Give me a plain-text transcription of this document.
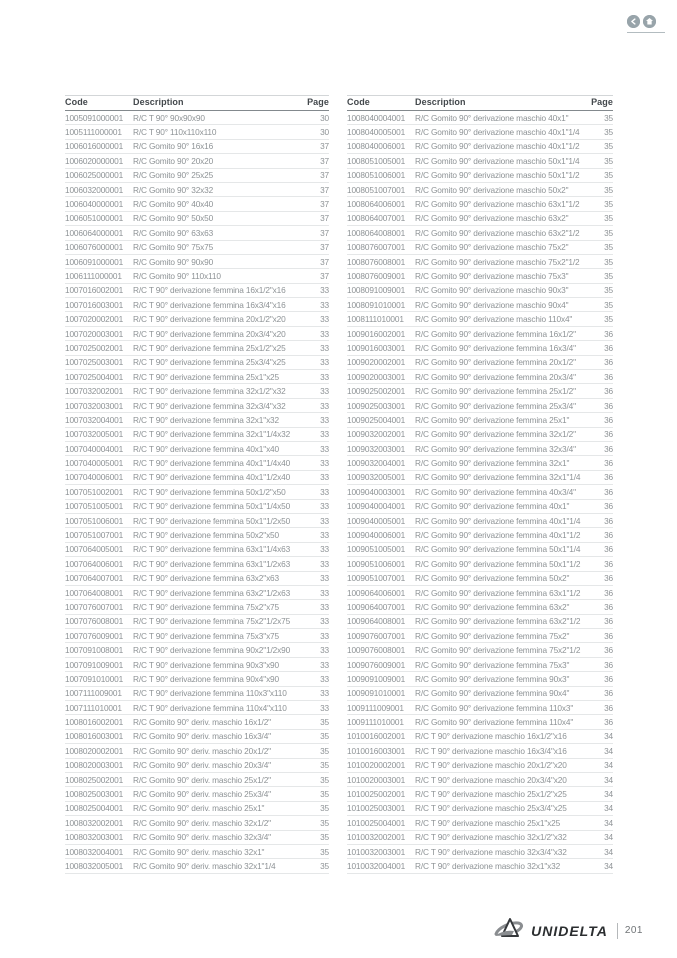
Code	Description	Page
1005091000001	R/C T 90° 90x90x90	30
1005111000001	R/C T 90° 110x110x110	30
1006016000001	R/C Gomito 90° 16x16	37
1006020000001	R/C Gomito 90° 20x20	37
1006025000001	R/C Gomito 90° 25x25	37
1006032000001	R/C Gomito 90° 32x32	37
1006040000001	R/C Gomito 90° 40x40	37
1006051000001	R/C Gomito 90° 50x50	37
1006064000001	R/C Gomito 90° 63x63	37
1006076000001	R/C Gomito 90° 75x75	37
1006091000001	R/C Gomito 90° 90x90	37
1006111000001	R/C Gomito 90° 110x110	37
1007016002001	R/C T 90° derivazione femmina 16x1/2"x16	33
1007016003001	R/C T 90° derivazione femmina 16x3/4"x16	33
1007020002001	R/C T 90° derivazione femmina 20x1/2"x20	33
1007020003001	R/C T 90° derivazione femmina 20x3/4"x20	33
1007025002001	R/C T 90° derivazione femmina 25x1/2"x25	33
1007025003001	R/C T 90° derivazione femmina 25x3/4"x25	33
1007025004001	R/C T 90° derivazione femmina 25x1"x25	33
1007032002001	R/C T 90° derivazione femmina 32x1/2"x32	33
1007032003001	R/C T 90° derivazione femmina 32x3/4"x32	33
1007032004001	R/C T 90° derivazione femmina 32x1"x32	33
1007032005001	R/C T 90° derivazione femmina 32x1"1/4x32	33
1007040004001	R/C T 90° derivazione femmina 40x1"x40	33
1007040005001	R/C T 90° derivazione femmina 40x1"1/4x40	33
1007040006001	R/C T 90° derivazione femmina 40x1"1/2x40	33
1007051002001	R/C T 90° derivazione femmina 50x1/2"x50	33
1007051005001	R/C T 90° derivazione femmina 50x1"1/4x50	33
1007051006001	R/C T 90° derivazione femmina 50x1"1/2x50	33
1007051007001	R/C T 90° derivazione femmina 50x2"x50	33
1007064005001	R/C T 90° derivazione femmina 63x1"1/4x63	33
1007064006001	R/C T 90° derivazione femmina 63x1"1/2x63	33
1007064007001	R/C T 90° derivazione femmina 63x2"x63	33
1007064008001	R/C T 90° derivazione femmina 63x2"1/2x63	33
1007076007001	R/C T 90° derivazione femmina 75x2"x75	33
1007076008001	R/C T 90° derivazione femmina 75x2"1/2x75	33
1007076009001	R/C T 90° derivazione femmina 75x3"x75	33
1007091008001	R/C T 90° derivazione femmina 90x2"1/2x90	33
1007091009001	R/C T 90° derivazione femmina 90x3"x90	33
1007091010001	R/C T 90° derivazione femmina 90x4"x90	33
1007111009001	R/C T 90° derivazione femmina 110x3"x110	33
1007111010001	R/C T 90° derivazione femmina 110x4"x110	33
1008016002001	R/C Gomito 90° deriv. maschio 16x1/2"	35
1008016003001	R/C Gomito 90° deriv. maschio 16x3/4"	35
1008020002001	R/C Gomito 90° deriv. maschio 20x1/2"	35
1008020003001	R/C Gomito 90° deriv. maschio 20x3/4"	35
1008025002001	R/C Gomito 90° deriv. maschio 25x1/2"	35
1008025003001	R/C Gomito 90° deriv. maschio 25x3/4"	35
1008025004001	R/C Gomito 90° deriv. maschio 25x1"	35
1008032002001	R/C Gomito 90° deriv. maschio 32x1/2"	35
1008032003001	R/C Gomito 90° deriv. maschio 32x3/4"	35
1008032004001	R/C Gomito 90° deriv. maschio 32x1"	35
1008032005001	R/C Gomito 90° deriv. maschio 32x1"1/4	35
Code	Description	Page
1008040004001	R/C Gomito 90° derivazione maschio 40x1"	35
1008040005001	R/C Gomito 90° derivazione maschio 40x1"1/4	35
1008040006001	R/C Gomito 90° derivazione maschio 40x1"1/2	35
1008051005001	R/C Gomito 90° derivazione maschio 50x1"1/4	35
1008051006001	R/C Gomito 90° derivazione maschio 50x1"1/2	35
1008051007001	R/C Gomito 90° derivazione maschio 50x2"	35
1008064006001	R/C Gomito 90° derivazione maschio 63x1"1/2	35
1008064007001	R/C Gomito 90° derivazione maschio 63x2"	35
1008064008001	R/C Gomito 90° derivazione maschio 63x2"1/2	35
1008076007001	R/C Gomito 90° derivazione maschio 75x2"	35
1008076008001	R/C Gomito 90° derivazione maschio 75x2"1/2	35
1008076009001	R/C Gomito 90° derivazione maschio 75x3"	35
1008091009001	R/C Gomito 90° derivazione maschio 90x3"	35
1008091010001	R/C Gomito 90° derivazione maschio 90x4"	35
1008111010001	R/C Gomito 90° derivazione maschio 110x4"	35
1009016002001	R/C Gomito 90° derivazione femmina 16x1/2"	36
1009016003001	R/C Gomito 90° derivazione femmina 16x3/4"	36
1009020002001	R/C Gomito 90° derivazione femmina 20x1/2"	36
1009020003001	R/C Gomito 90° derivazione femmina 20x3/4"	36
1009025002001	R/C Gomito 90° derivazione femmina 25x1/2"	36
1009025003001	R/C Gomito 90° derivazione femmina 25x3/4"	36
1009025004001	R/C Gomito 90° derivazione femmina 25x1"	36
1009032002001	R/C Gomito 90° derivazione femmina 32x1/2"	36
1009032003001	R/C Gomito 90° derivazione femmina 32x3/4"	36
1009032004001	R/C Gomito 90° derivazione femmina 32x1"	36
1009032005001	R/C Gomito 90° derivazione femmina 32x1"1/4	36
1009040003001	R/C Gomito 90° derivazione femmina 40x3/4"	36
1009040004001	R/C Gomito 90° derivazione femmina 40x1"	36
1009040005001	R/C Gomito 90° derivazione femmina 40x1"1/4	36
1009040006001	R/C Gomito 90° derivazione femmina 40x1"1/2	36
1009051005001	R/C Gomito 90° derivazione femmina 50x1"1/4	36
1009051006001	R/C Gomito 90° derivazione femmina 50x1"1/2	36
1009051007001	R/C Gomito 90° derivazione femmina 50x2"	36
1009064006001	R/C Gomito 90° derivazione femmina 63x1"1/2	36
1009064007001	R/C Gomito 90° derivazione femmina 63x2"	36
1009064008001	R/C Gomito 90° derivazione femmina 63x2"1/2	36
1009076007001	R/C Gomito 90° derivazione femmina 75x2"	36
1009076008001	R/C Gomito 90° derivazione femmina 75x2"1/2	36
1009076009001	R/C Gomito 90° derivazione femmina 75x3"	36
1009091009001	R/C Gomito 90° derivazione femmina 90x3"	36
1009091010001	R/C Gomito 90° derivazione femmina 90x4"	36
1009111009001	R/C Gomito 90° derivazione femmina 110x3"	36
1009111010001	R/C Gomito 90° derivazione femmina 110x4"	36
1010016002001	R/C T 90° derivazione maschio 16x1/2"x16	34
1010016003001	R/C T 90° derivazione maschio 16x3/4"x16	34
1010020002001	R/C T 90° derivazione maschio 20x1/2"x20	34
1010020003001	R/C T 90° derivazione maschio 20x3/4"x20	34
1010025002001	R/C T 90° derivazione maschio 25x1/2"x25	34
1010025003001	R/C T 90° derivazione maschio 25x3/4"x25	34
1010025004001	R/C T 90° derivazione maschio 25x1"x25	34
1010032002001	R/C T 90° derivazione maschio 32x1/2"x32	34
1010032003001	R/C T 90° derivazione maschio 32x3/4"x32	34
1010032004001	R/C T 90° derivazione maschio 32x1"x32	34
UNIDELTA 201
